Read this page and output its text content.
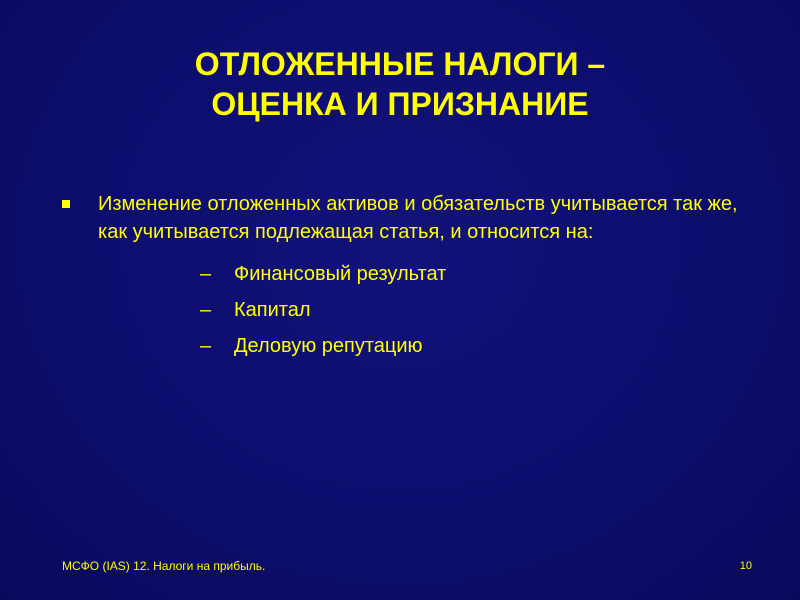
ОТЛОЖЕННЫЕ НАЛОГИ –
ОЦЕНКА И ПРИЗНАНИЕ
Изменение отложенных активов и обязательств учитывается так же, как учитывается подлежащая статья, и относится на:
–	Финансовый результат
–	Капитал
–	Деловую репутацию
МСФО (IAS) 12. Налоги на прибыль.	10
